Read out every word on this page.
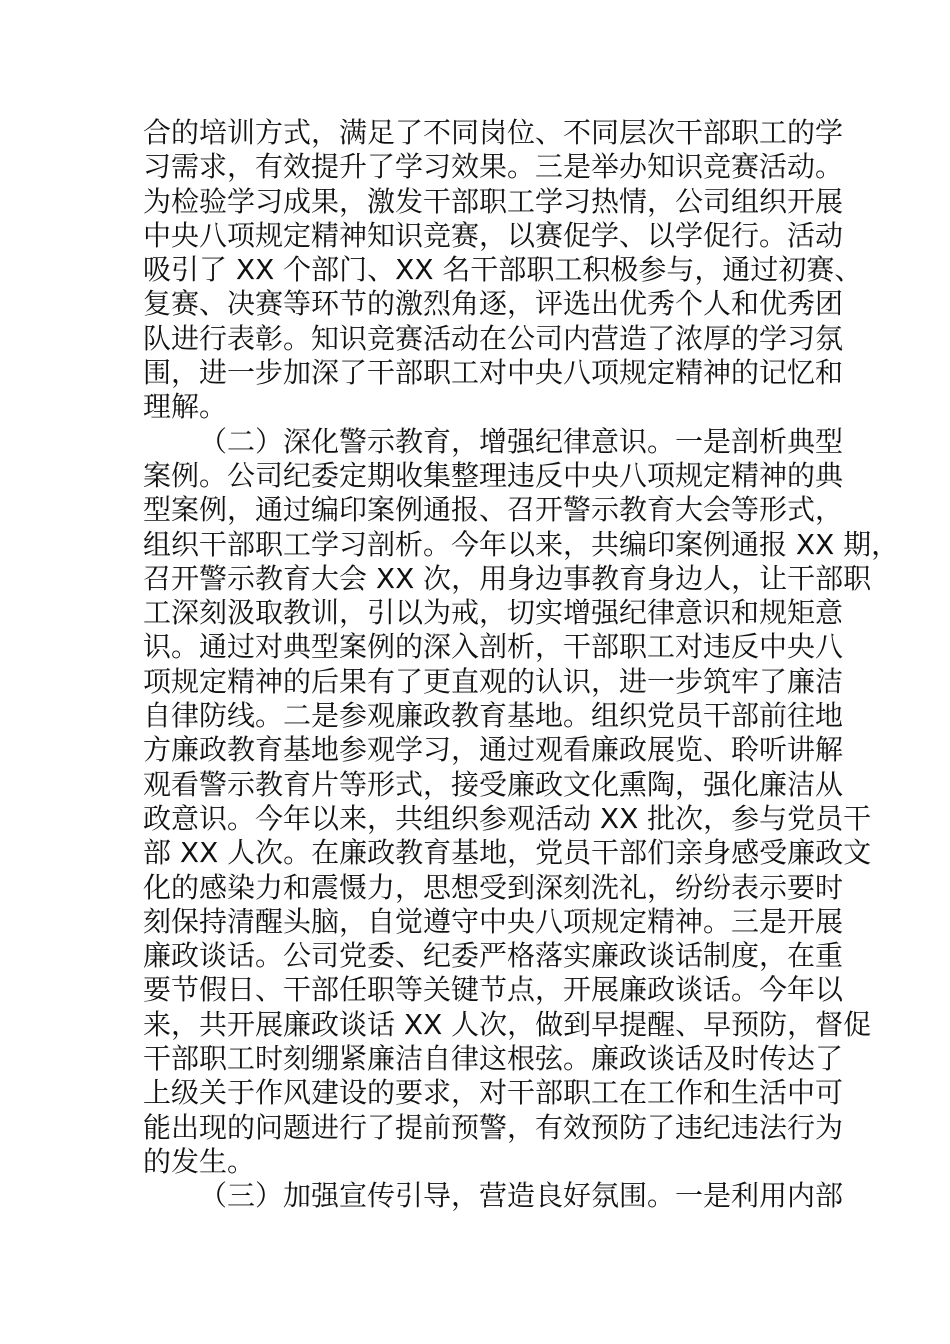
合的培训方式，满足了不同岗位、不同层次干部职工的学
习需求，有效提升了学习效果。三是举办知识竞赛活动。
为检验学习成果，激发干部职工学习热情，公司组织开展
中央八项规定精神知识竞赛，以赛促学、以学促行。活动
吸引了 XX 个部门、XX 名干部职工积极参与，通过初赛、
复赛、决赛等环节的激烈角逐，评选出优秀个人和优秀团
队进行表彰。知识竞赛活动在公司内营造了浓厚的学习氛
围，进一步加深了干部职工对中央八项规定精神的记忆和
理解。
（二）深化警示教育，增强纪律意识。一是剖析典型
案例。公司纪委定期收集整理违反中央八项规定精神的典
型案例，通过编印案例通报、召开警示教育大会等形式，
组织干部职工学习剖析。今年以来，共编印案例通报 XX 期，
召开警示教育大会 XX 次，用身边事教育身边人，让干部职
工深刻汲取教训，引以为戒，切实增强纪律意识和规矩意
识。通过对典型案例的深入剖析，干部职工对违反中央八
项规定精神的后果有了更直观的认识，进一步筑牢了廉洁
自律防线。二是参观廉政教育基地。组织党员干部前往地
方廉政教育基地参观学习，通过观看廉政展览、聆听讲解
观看警示教育片等形式，接受廉政文化熏陶，强化廉洁从
政意识。今年以来，共组织参观活动 XX 批次，参与党员干
部 XX 人次。在廉政教育基地，党员干部们亲身感受廉政文
化的感染力和震慑力，思想受到深刻洗礼，纷纷表示要时
刻保持清醒头脑，自觉遵守中央八项规定精神。三是开展
廉政谈话。公司党委、纪委严格落实廉政谈话制度，在重
要节假日、干部任职等关键节点，开展廉政谈话。今年以
来，共开展廉政谈话 XX 人次，做到早提醒、早预防，督促
干部职工时刻绷紧廉洁自律这根弦。廉政谈话及时传达了
上级关于作风建设的要求，对干部职工在工作和生活中可
能出现的问题进行了提前预警，有效预防了违纪违法行为
的发生。
（三）加强宣传引导，营造良好氛围。一是利用内部
